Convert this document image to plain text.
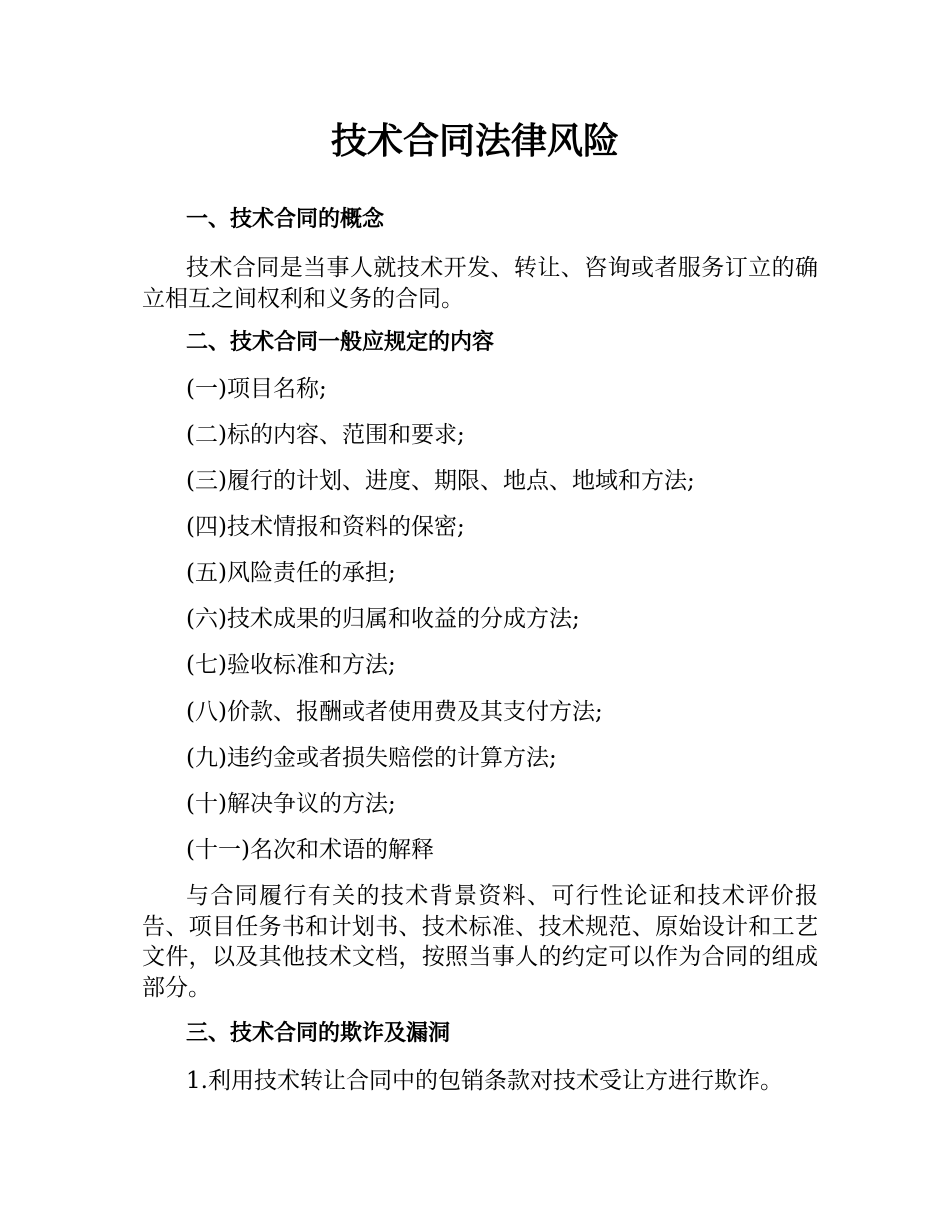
技术合同法律风险
一、技术合同的概念

技术合同是当事人就技术开发、转让、咨询或者服务订立的确立相互之间权利和义务的合同。

二、技术合同一般应规定的内容
(一)项目名称;
(二)标的内容、范围和要求;
(三)履行的计划、进度、期限、地点、地域和方法;
(四)技术情报和资料的保密;
(五)风险责任的承担;
(六)技术成果的归属和收益的分成方法;
(七)验收标准和方法;
(八)价款、报酬或者使用费及其支付方法;
(九)违约金或者损失赔偿的计算方法;
(十)解决争议的方法;
(十一)名次和术语的解释

与合同履行有关的技术背景资料、可行性论证和技术评价报告、项目任务书和计划书、技术标准、技术规范、原始设计和工艺文件，以及其他技术文档，按照当事人的约定可以作为合同的组成部分。

三、技术合同的欺诈及漏洞
1.利用技术转让合同中的包销条款对技术受让方进行欺诈。
